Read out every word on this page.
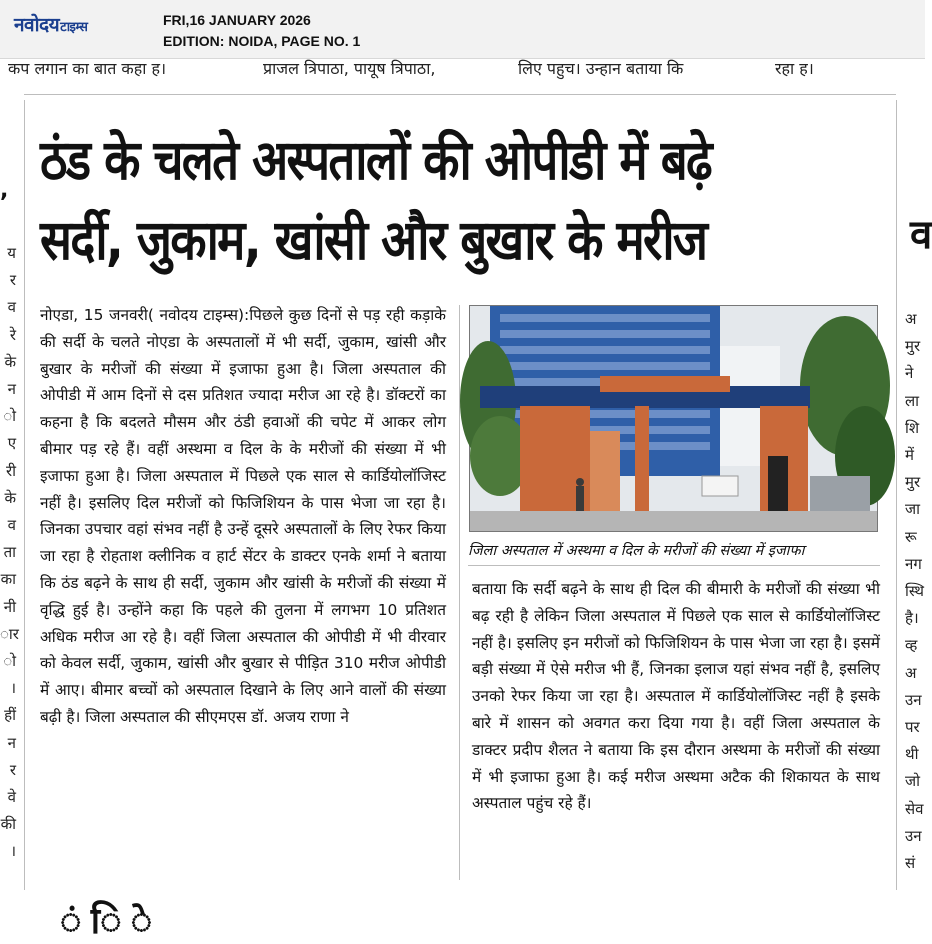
नवोदयटाइम्स	FRI,16 JANUARY 2026
EDITION: NOIDA, PAGE NO. 1
कप लगान का बात कहा ह।	प्राजल त्रिपाठा, पायूष त्रिपाठा,	लिए पहुच। उन्हान बताया कि	रहा ह।
,
य
र
व
रे
के
न
ो
ए
री
के
व
ता
का
नी
ार
ो
।
हीं
न
र
वे
की
।
अ
मुर
ने
ला
शि
में
मुर
जा
रू
नग
स्थि
है।
व्ह
अ
उन
पर
थी
जो
सेव
उन
सं
व
ठंड के चलते अस्पतालों की ओपीडी में बढ़े
सर्दी, जुकाम, खांसी और बुखार के मरीज
नोएडा, 15 जनवरी( नवोदय टाइम्स):पिछले कुछ दिनों से पड़ रही कड़ाके की सर्दी के चलते नोएडा के अस्पतालों में भी सर्दी, जुकाम, खांसी और बुखार के मरीजों की संख्या में इजाफा हुआ है। जिला अस्पताल की ओपीडी में आम दिनों से दस प्रतिशत ज्यादा मरीज आ रहे है। डॉक्टरों का कहना है कि बदलते मौसम और ठंडी हवाओं की चपेट में आकर लोग बीमार पड़ रहे हैं। वहीं अस्थमा व दिल के के मरीजों की संख्या में भी इजाफा हुआ है। जिला अस्पताल में पिछले एक साल से कार्डियोलॉजिस्ट नहीं है। इसलिए दिल मरीजों को फिजिशियन के पास भेजा जा रहा है। जिनका उपचार वहां संभव नहीं है उन्हें दूसरे अस्पतालों के लिए रेफर किया जा रहा है रोहताश क्लीनिक व हार्ट सेंटर के डाक्टर एनके शर्मा ने बताया कि ठंड बढ़ने के साथ ही सर्दी, जुकाम और खांसी के मरीजों की संख्या में वृद्धि हुई है। उन्होंने कहा कि पहले की तुलना में लगभग 10 प्रतिशत अधिक मरीज आ रहे है। वहीं जिला अस्पताल की ओपीडी में भी वीरवार को केवल सर्दी, जुकाम, खांसी और बुखार से पीड़ित 310 मरीज ओपीडी में आए। बीमार बच्चों को अस्पताल दिखाने के लिए आने वालों की संख्या बढ़ी है। जिला अस्पताल की सीएमएस डॉ. अजय राणा ने
जिला अस्पताल में अस्थमा व दिल के मरीजों की संख्या में इजाफा
बताया कि सर्दी बढ़ने के साथ ही दिल की बीमारी के मरीजों की संख्या भी बढ़ रही है लेकिन जिला अस्पताल में पिछले एक साल से कार्डियोलॉजिस्ट नहीं है। इसलिए इन मरीजों को फिजिशियन के पास भेजा जा रहा है। इसमें बड़ी संख्या में ऐसे मरीज भी हैं, जिनका इलाज यहां संभव नहीं है, इसलिए उनको रेफर किया जा रहा है। अस्पताल में कार्डियोलॉजिस्ट नहीं है इसके बारे में शासन को अवगत करा दिया गया है। वहीं जिला अस्पताल के डाक्टर प्रदीप शैलत ने बताया कि इस दौरान अस्थमा के मरीजों की संख्या में भी इजाफा हुआ है। कई मरीज अस्थमा अटैक की शिकायत के साथ अस्पताल पहुंच रहे हैं।
ं ि े
